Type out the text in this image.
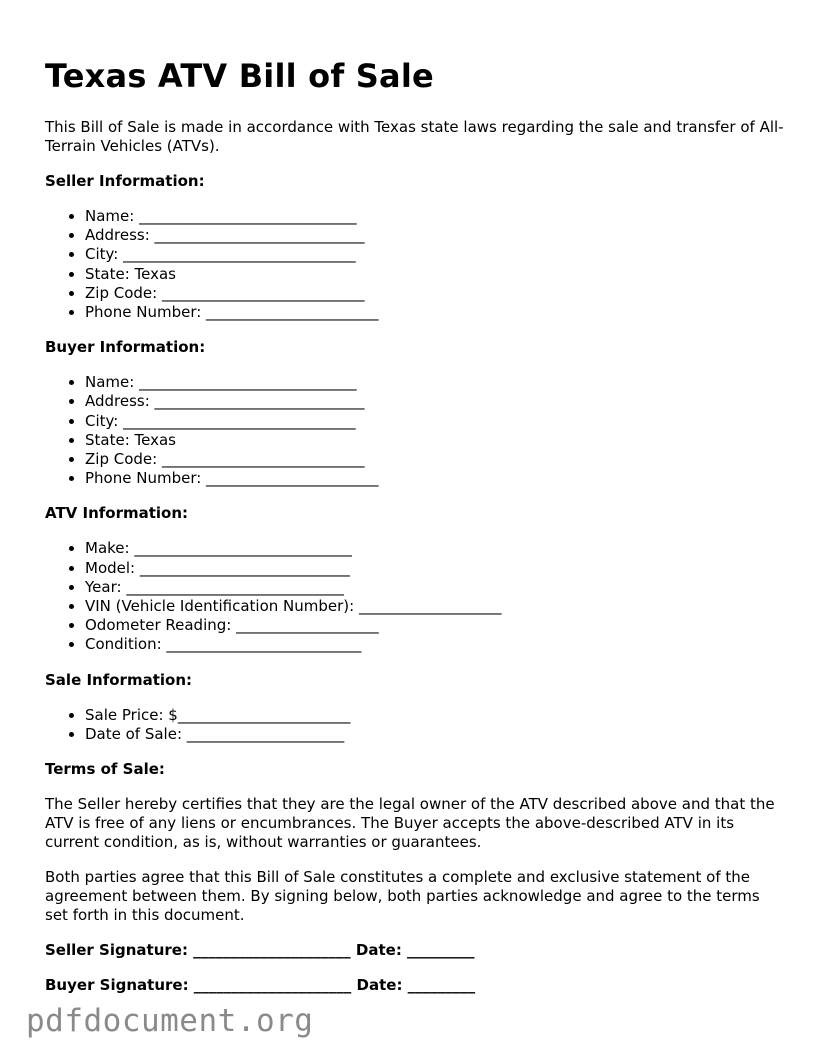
Texas ATV Bill of Sale

This Bill of Sale is made in accordance with Texas state laws regarding the sale and transfer of All-Terrain Vehicles (ATVs).

Seller Information:
• Name: _____________________________
• Address: ____________________________
• City: _______________________________
• State: Texas
• Zip Code: ___________________________
• Phone Number: _______________________
Buyer Information:
• Name: _____________________________
• Address: ____________________________
• City: _______________________________
• State: Texas
• Zip Code: ___________________________
• Phone Number: _______________________
ATV Information:
• Make: _____________________________
• Model: ____________________________
• Year: _____________________________
• VIN (Vehicle Identification Number): ___________________
• Odometer Reading: ___________________
• Condition: __________________________
Sale Information:
• Sale Price: $_______________________
• Date of Sale: _____________________
Terms of Sale:

The Seller hereby certifies that they are the legal owner of the ATV described above and that the ATV is free of any liens or encumbrances. The Buyer accepts the above-described ATV in its current condition, as is, without warranties or guarantees.

Both parties agree that this Bill of Sale constitutes a complete and exclusive statement of the agreement between them. By signing below, both parties acknowledge and agree to the terms set forth in this document.

Seller Signature: _____________________ Date: _________
Buyer Signature: _____________________ Date: _________
pdfdocument.org
